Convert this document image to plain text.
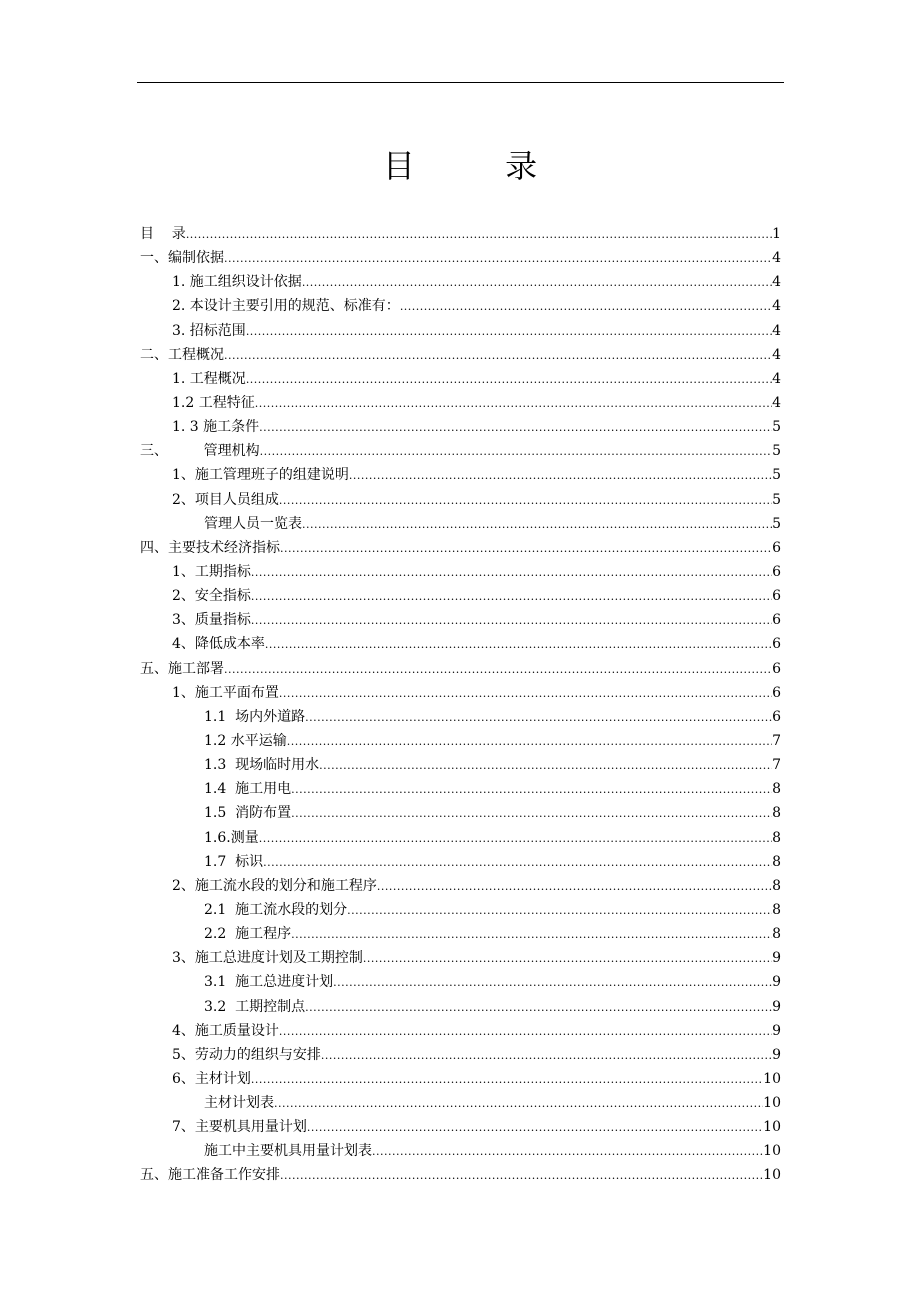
目 录
目    录 .....	1
一、编制依据 .....	4
1. 施工组织设计依据 .....	4
2. 本设计主要引用的规范、标准有： .....	4
3. 招标范围 .....	4
二、工程概况 .....	4
1. 工程概况 .....	4
1.2 工程特征 .....	4
1. 3 施工条件 .....	5
三、        管理机构 .....	5
1、施工管理班子的组建说明 .....	5
2、项目人员组成 .....	5
管理人员一览表 .....	5
四、主要技术经济指标 .....	6
1、工期指标 .....	6
2、安全指标 .....	6
3、质量指标 .....	6
4、降低成本率 .....	6
五、施工部署 .....	6
1、施工平面布置 .....	6
1.1  场内外道路 .....	6
1.2 水平运输 .....	7
1.3  现场临时用水 .....	7
1.4  施工用电 .....	8
1.5  消防布置 .....	8
1.6.测量 .....	8
1.7  标识 .....	8
2、施工流水段的划分和施工程序 .....	8
2.1  施工流水段的划分 .....	8
2.2  施工程序 .....	8
3、施工总进度计划及工期控制 .....	9
3.1  施工总进度计划 .....	9
3.2  工期控制点 .....	9
4、施工质量设计 .....	9
5、劳动力的组织与安排 .....	9
6、主材计划 .....	10
主材计划表 .....	10
7、主要机具用量计划 .....	10
施工中主要机具用量计划表 .....	10
五、施工准备工作安排 .....	10
